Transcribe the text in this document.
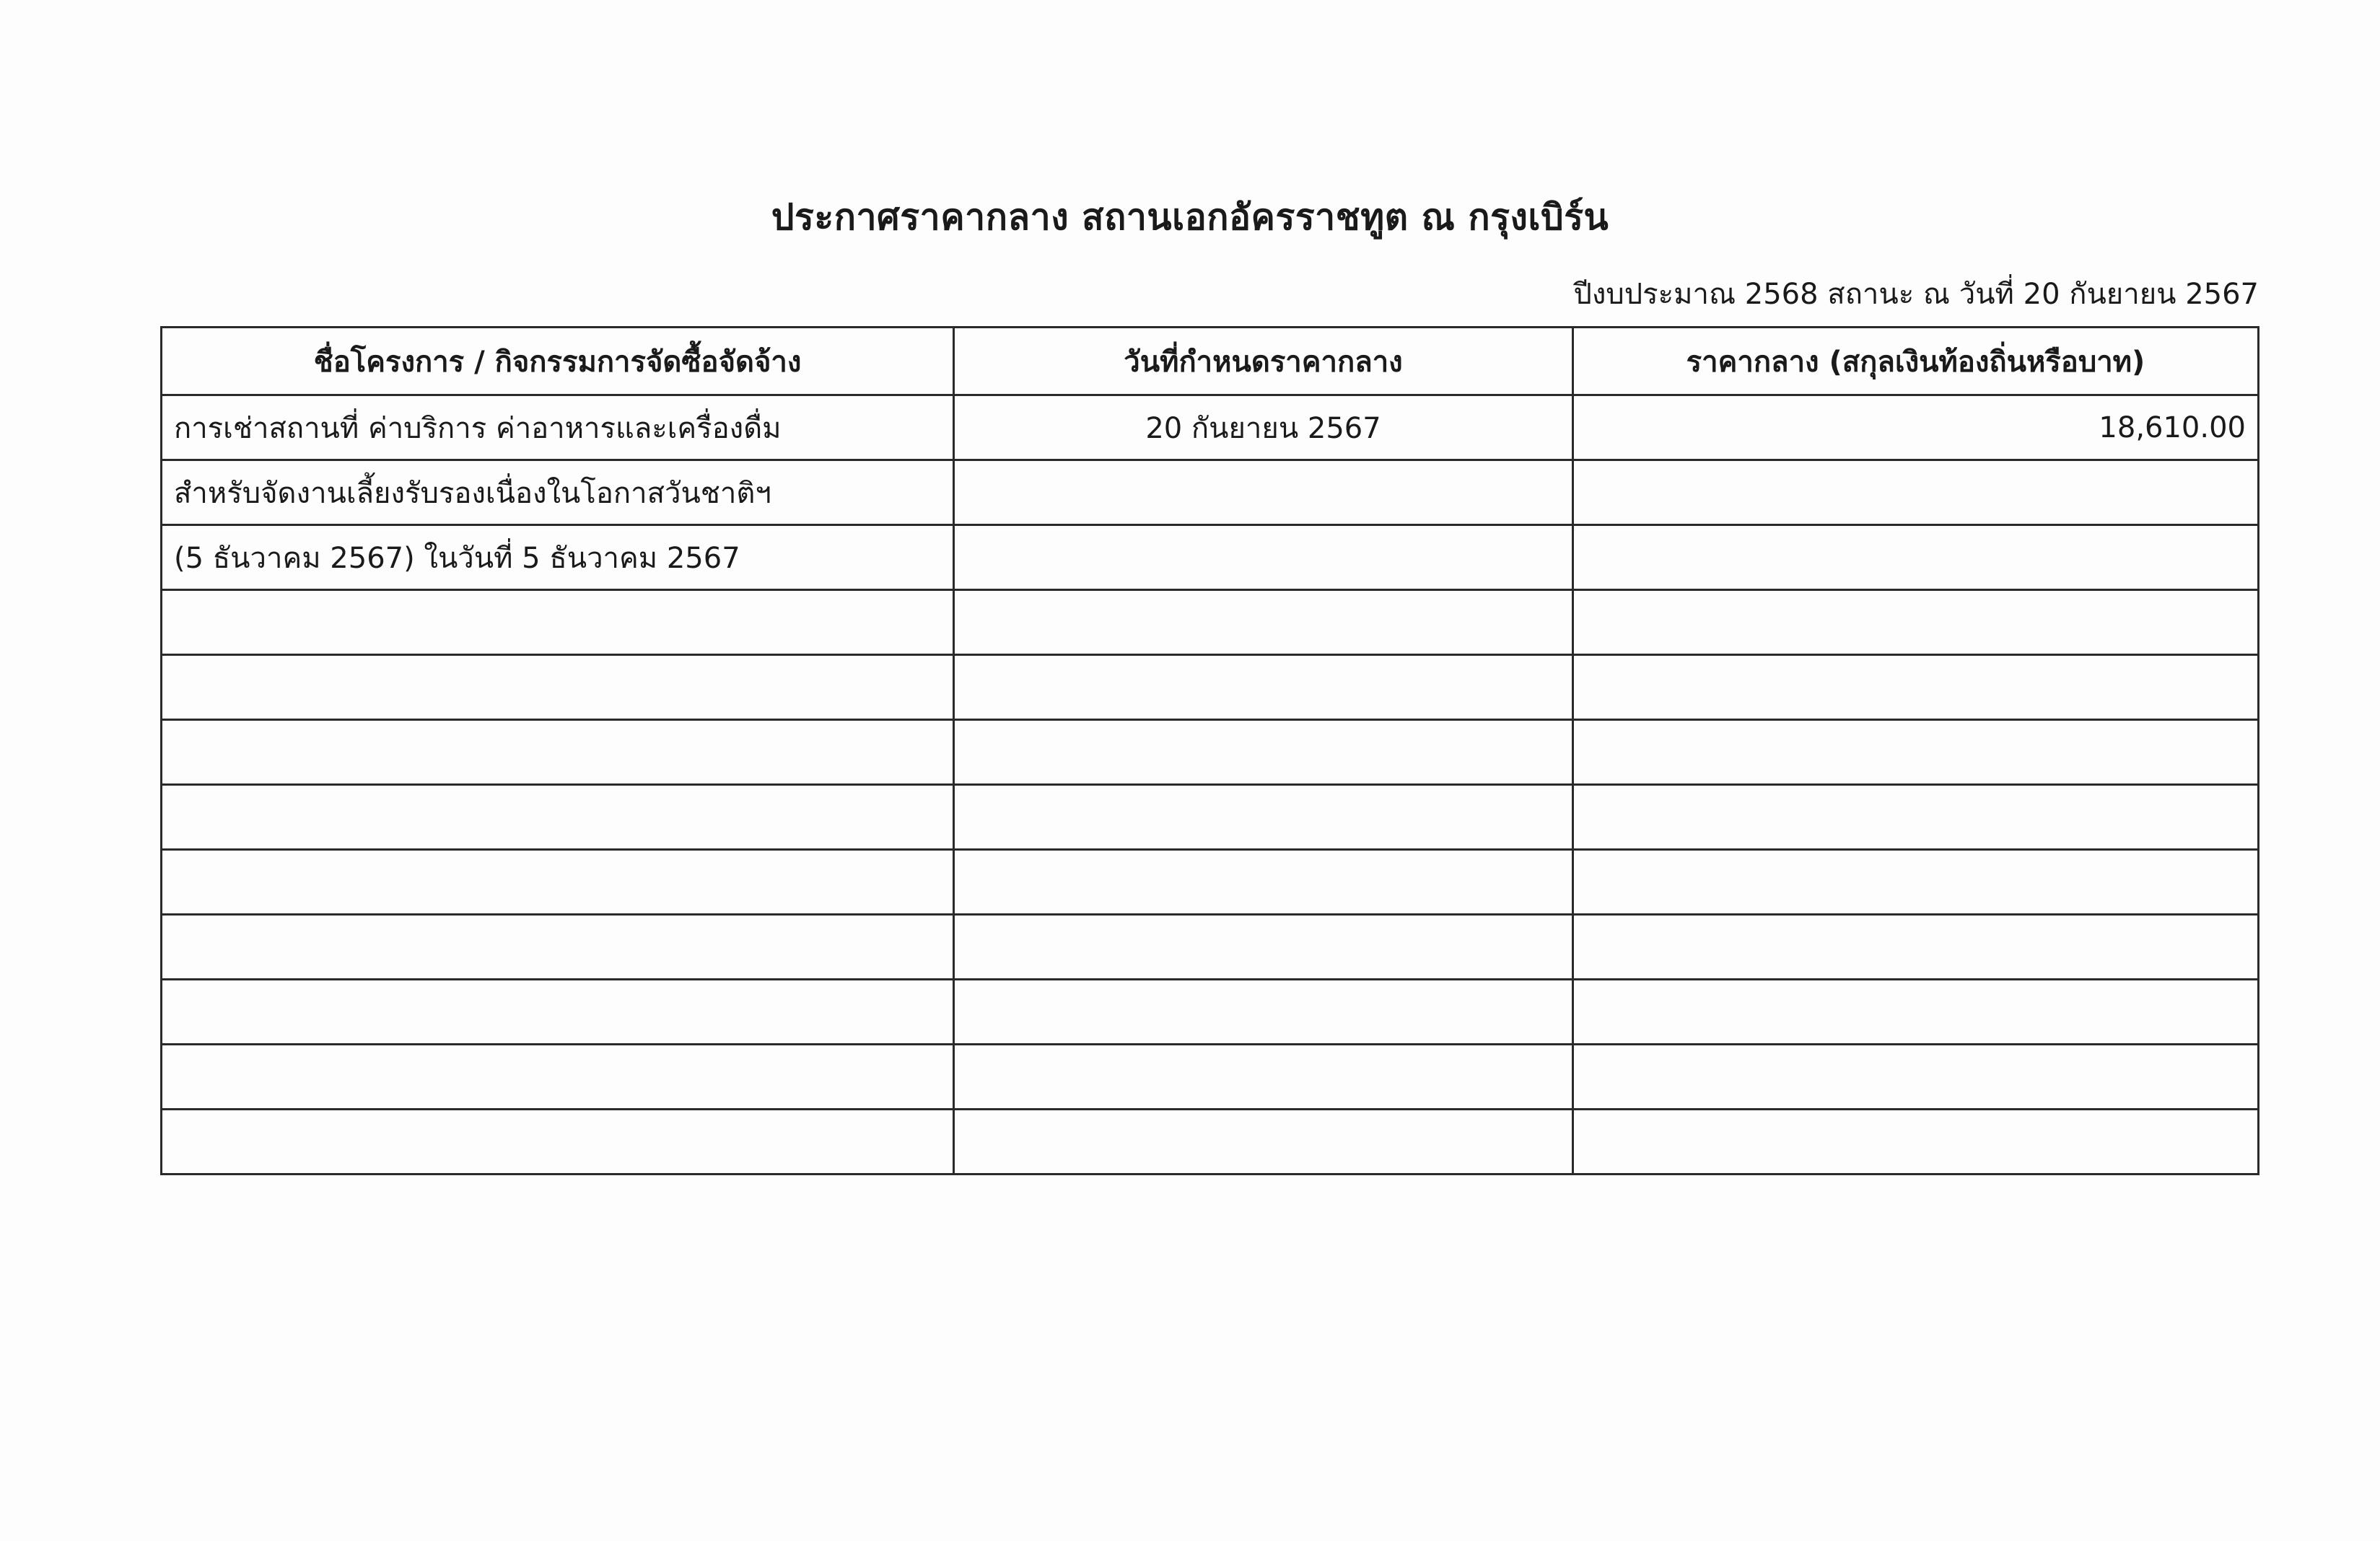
ประกาศราคากลาง สถานเอกอัครราชทูต ณ กรุงเบิร์น
ปีงบประมาณ 2568 สถานะ ณ วันที่ 20 กันยายน 2567
ชื่อโครงการ / กิจกรรมการจัดซื้อจัดจ้าง	วันที่กำหนดราคากลาง	ราคากลาง (สกุลเงินท้องถิ่นหรือบาท)
การเช่าสถานที่ ค่าบริการ ค่าอาหารและเครื่องดื่ม	20 กันยายน 2567	18,610.00
สำหรับจัดงานเลี้ยงรับรองเนื่องในโอกาสวันชาติฯ		
(5 ธันวาคม 2567) ในวันที่ 5 ธันวาคม 2567		
